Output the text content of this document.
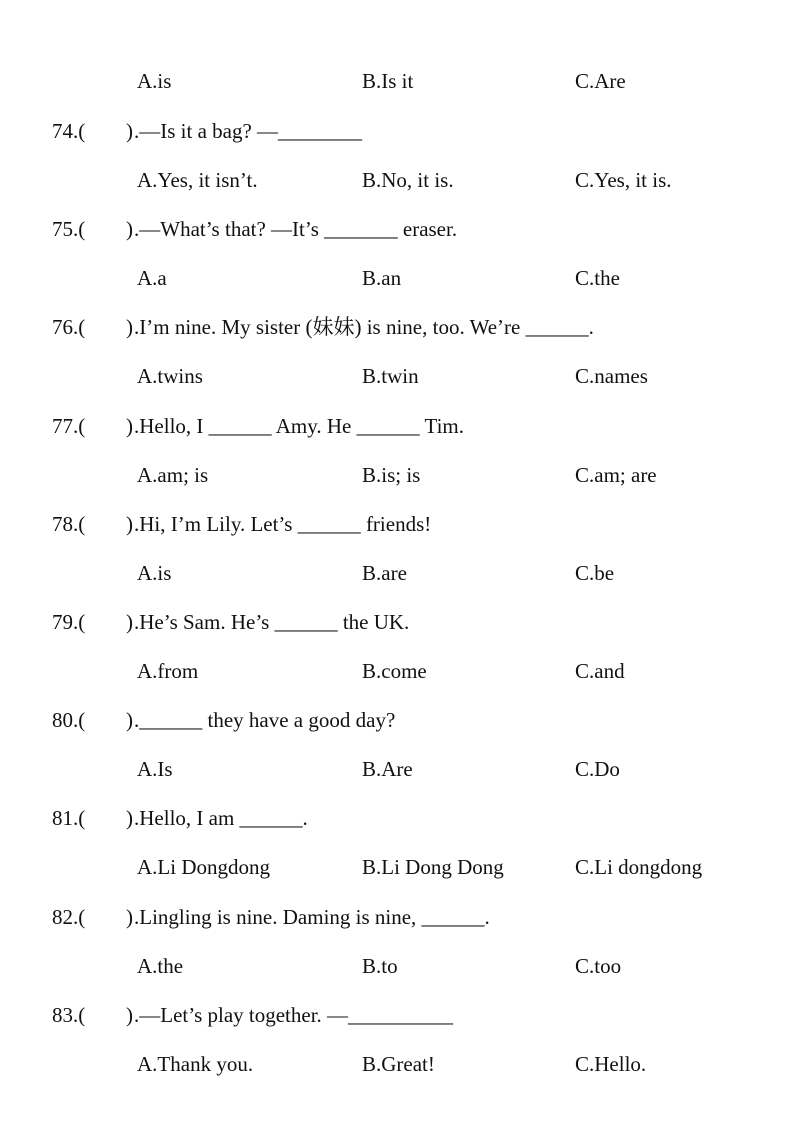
A.is	B.Is it	C.Are
74.( ) .—Is it a bag? —________
A.Yes, it isn’t.	B.No, it is.	C.Yes, it is.
75.( ) .—What’s that? —It’s _______ eraser.
A.a	B.an	C.the
76.( ) .I’m nine. My sister (妹妹) is nine, too. We’re ______.
A.twins	B.twin	C.names
77.( ) .Hello, I ______ Amy. He ______ Tim.
A.am; is	B.is; is	C.am; are
78.( ) .Hi, I’m Lily. Let’s ______ friends!
A.is	B.are	C.be
79.( ) .He’s Sam. He’s ______ the UK.
A.from	B.come	C.and
80.( ) .______ they have a good day?
A.Is	B.Are	C.Do
81.( ) .Hello, I am ______.
A.Li Dongdong	B.Li Dong Dong	C.Li dongdong
82.( ) .Lingling is nine. Daming is nine, ______.
A.the	B.to	C.too
83.( ) .—Let’s play together. —__________
A.Thank you.	B.Great!	C.Hello.
